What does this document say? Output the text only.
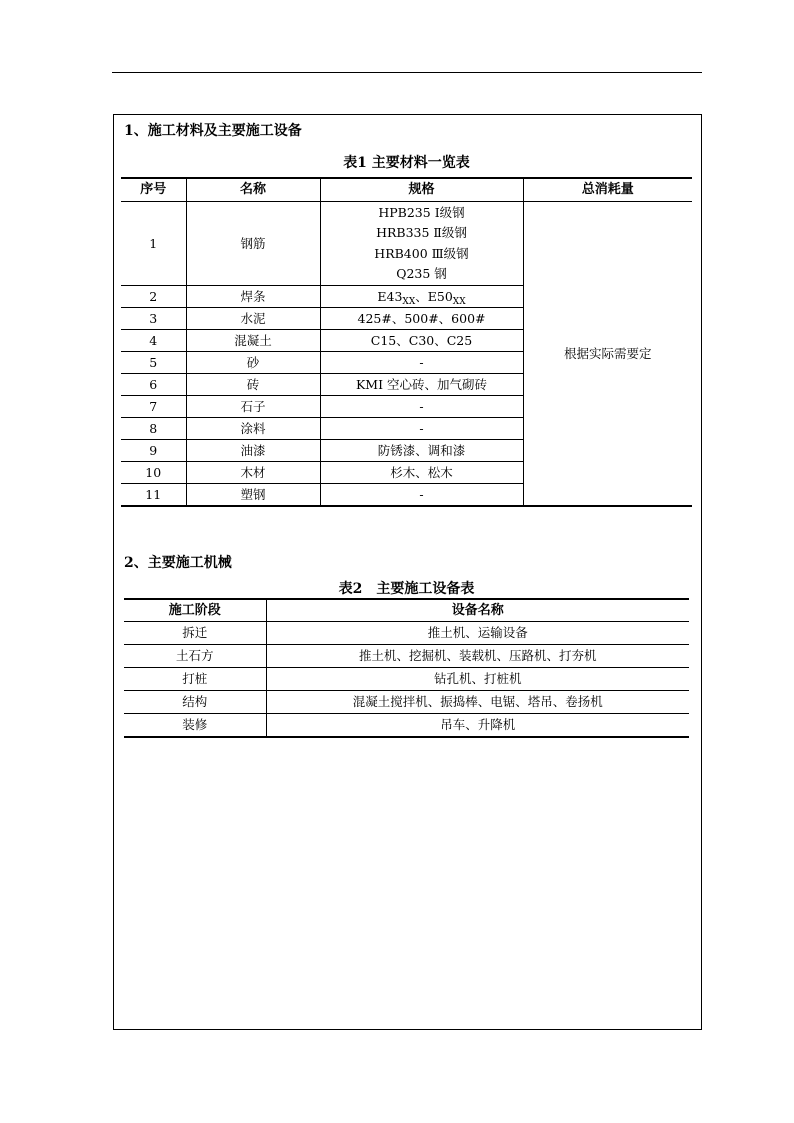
1、施工材料及主要施工设备
表1 主要材料一览表
序号	名称	规格	总消耗量
1	钢筋	HPB235 Ⅰ级钢
HRB335 Ⅱ级钢
HRB400 Ⅲ级钢
Q235 钢	根据实际需要定
2	焊条	$E43_{XX}$、$E50_{XX}$
3	水泥	425#、500#、600#	
4	混凝土	C15、C30、C25	
5	砂	-	
6	砖	KMI 空心砖、加气砌砖	
7	石子	-	
8	涂料	-	
9	油漆	防锈漆、调和漆	
10	木材	杉木、松木	
11	塑钢	-	
2、主要施工机械
表2　主要施工设备表
施工阶段	设备名称
拆迁	推土机、运输设备
土石方	推土机、挖掘机、装载机、压路机、打夯机
打桩	钻孔机、打桩机
结构	混凝土搅拌机、振捣棒、电锯、塔吊、卷扬机
装修	吊车、升降机
